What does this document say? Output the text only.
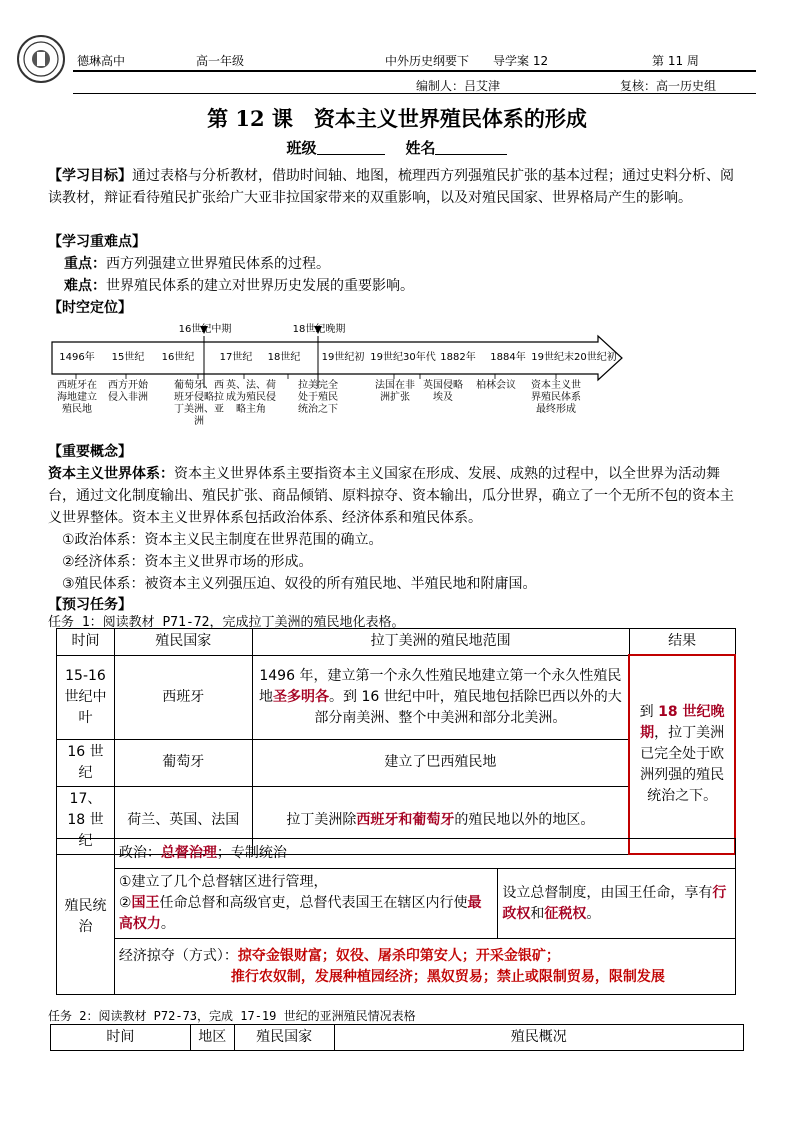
德琳高中	高一年级	中外历史纲要下 导学案 12	第 11 周
编制人：吕艾津	复核：高一历史组
第 12 课　资本主义世界殖民体系的形成
班级	姓名
【学习目标】通过表格与分析教材，借助时间轴、地图，梳理西方列强殖民扩张的基本过程；通过史料分析、阅读教材，辩证看待殖民扩张给广大亚非拉国家带来的双重影响，以及对殖民国家、世界格局产生的影响。
【学习重难点】
重点：西方列强建立世界殖民体系的过程。
难点：世界殖民体系的建立对世界历史发展的重要影响。
【时空定位】
16世纪中期	18世纪晚期
1496年	15世纪	16世纪	17世纪	18世纪	19世纪初 19世纪30年代 1882年 1884年 19世纪末20世纪初
西班牙在海地建立殖民地
西方开始侵入非洲
葡萄牙、西 班牙侵略拉丁美洲、亚洲
英、法、荷成为殖民侵略主角
拉美完全处于殖民统治之下
法国在非洲扩张
英国侵略埃及
柏林会议	资本主义世界殖民体系最终形成
【重要概念】
资本主义世界体系：资本主义世界体系主要指资本主义国家在形成、发展、成熟的过程中，以全世界为活动舞台，通过文化制度输出、殖民扩张、商品倾销、原料掠夺、资本输出，瓜分世界，确立了一个无所不包的资本主义世界整体。资本主义世界体系包括政治体系、经济体系和殖民体系。
①政治体系：资本主义民主制度在世界范围的确立。
②经济体系：资本主义世界市场的形成。
③殖民体系：被资本主义列强压迫、奴役的所有殖民地、半殖民地和附庸国。
【预习任务】
任务 1：阅读教材 P71-72，完成拉丁美洲的殖民地化表格。
时间	殖民国家	拉丁美洲的殖民地范围	结果
15-16世纪中叶	西班牙	1496 年，建立第一个永久性殖民地建立第一个永久性殖民地圣多明各。到 16 世纪中叶，殖民地包括除巴西以外的大部分南美洲、整个中美洲和部分北美洲。	到 18 世纪晚期，拉丁美洲已完全处于欧洲列强的殖民统治之下。
16 世纪	葡萄牙	建立了巴西殖民地	
17、18 世纪	荷兰、英国、法国	拉丁美洲除西班牙和葡萄牙的殖民地以外的地区。	
殖民统治	政治：总督治理；专制统治	
	①建立了几个总督辖区进行管理，
②国王任命总督和高级官吏，总督代表国王在辖区内行使最高权力。	设立总督制度，由国王任命，享有行政权和征税权。
	经济掠夺（方式）：掠夺金银财富；奴役、屠杀印第安人；开采金银矿；
推行农奴制，发展种植园经济；黑奴贸易；禁止或限制贸易，限制发展	
任务 2：阅读教材 P72-73，完成 17-19 世纪的亚洲殖民情况表格
时间	地区	殖民国家	殖民概况
